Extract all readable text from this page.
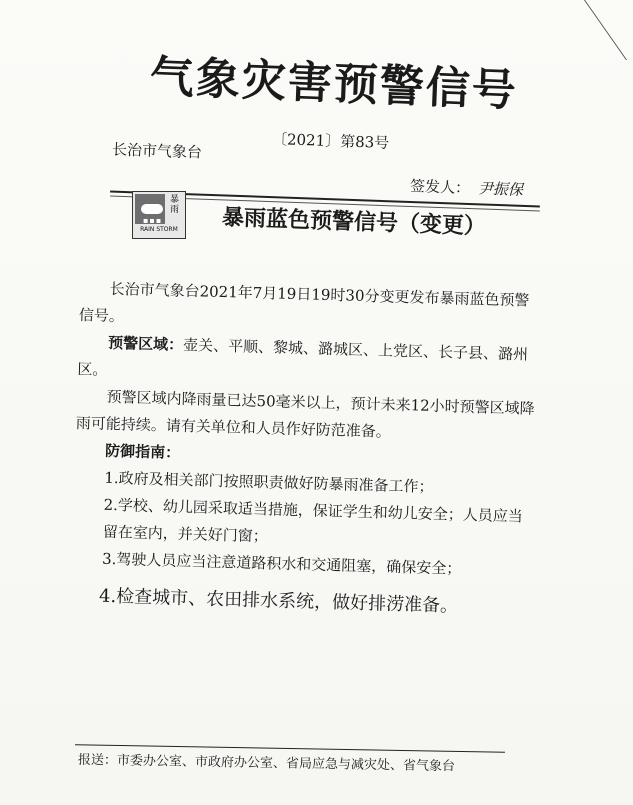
气象灾害预警信号
〔2021〕第83号
长治市气象台
签发人： 尹振保
▪▪▪
暴雨
RAIN STORM 暴雨蓝色预警信号（变更）

长治市气象台2021年7月19日19时30分变更发布暴雨蓝色预警信号。

预警区域：壶关、平顺、黎城、潞城区、上党区、长子县、潞州区。

预警区域内降雨量已达50毫米以上，预计未来12小时预警区域降雨可能持续。请有关单位和人员作好防范准备。

防御指南：

1.政府及相关部门按照职责做好防暴雨准备工作；

2.学校、幼儿园采取适当措施，保证学生和幼儿安全；人员应当留在室内，并关好门窗；

3.驾驶人员应当注意道路积水和交通阻塞，确保安全；

4.检查城市、农田排水系统，做好排涝准备。

报送：市委办公室、市政府办公室、省局应急与减灾处、省气象台
